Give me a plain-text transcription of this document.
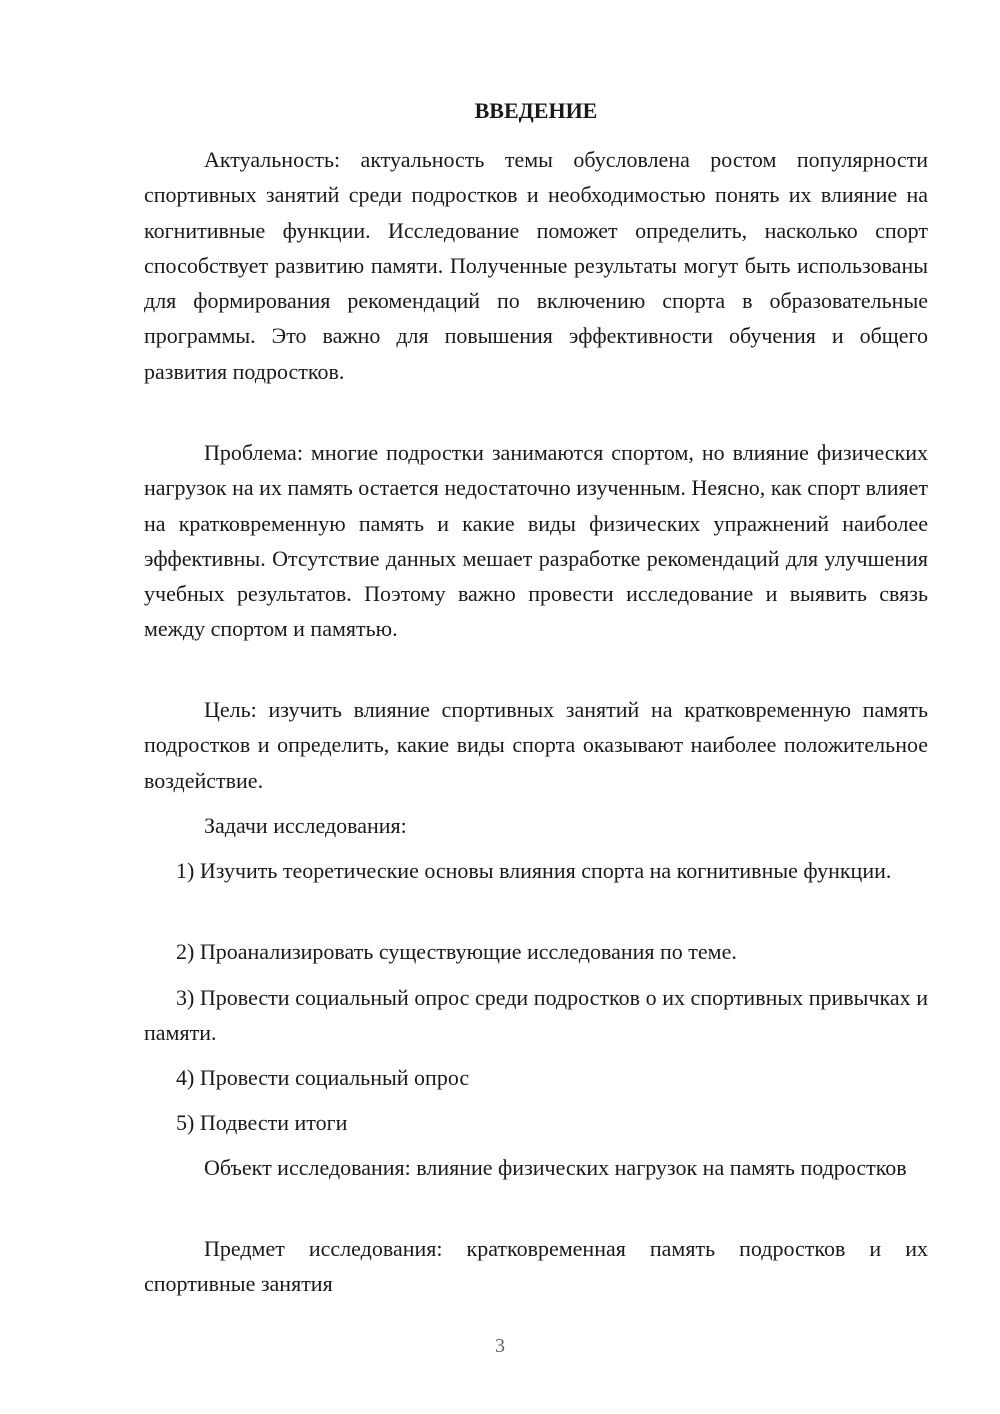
ВВЕДЕНИЕ

Актуальность: актуальность темы обусловлена ростом популярности спортивных занятий среди подростков и необходимостью понять их влияние на когнитивные функции. Исследование поможет определить, насколько спорт способствует развитию памяти. Полученные результаты могут быть использованы для формирования рекомендаций по включению спорта в образовательные программы. Это важно для повышения эффективности обучения и общего развития подростков.

Проблема: многие подростки занимаются спортом, но влияние физических нагрузок на их память остается недостаточно изученным. Неясно, как спорт влияет на кратковременную память и какие виды физических упражнений наиболее эффективны. Отсутствие данных мешает разработке рекомендаций для улучшения учебных результатов. Поэтому важно провести исследование и выявить связь между спортом и памятью.

Цель: изучить влияние спортивных занятий на кратковременную память подростков и определить, какие виды спорта оказывают наиболее положительное воздействие.

Задачи исследования:

1) Изучить теоретические основы влияния спорта на когнитивные функции.

2) Проанализировать существующие исследования по теме.

3) Провести социальный опрос среди подростков о их спортивных привычках и памяти.

4) Провести социальный опрос

5) Подвести итоги

Объект исследования: влияние физических нагрузок на память подростков

Предмет исследования: кратковременная память подростков и их спортивные занятия

3
